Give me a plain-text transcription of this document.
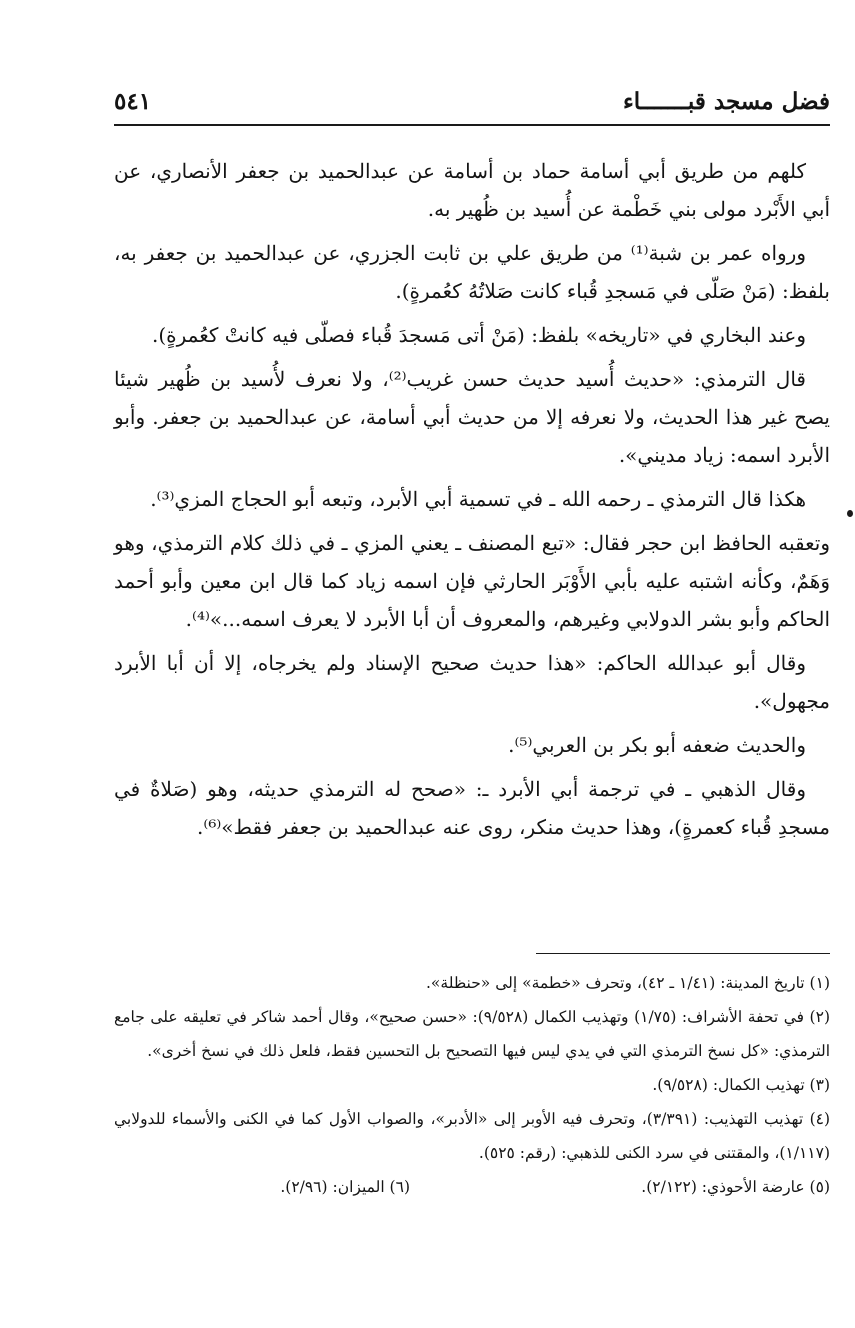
فضل مسجد قبـــــــاء
٥٤١

كلهم من طريق أبي أسامة حماد بن أسامة عن عبدالحميد بن جعفر الأنصاري، عن أبي الأَبْرد مولى بني خَطْمة عن أُسيد بن ظُهير به.

ورواه عمر بن شبة⁽¹⁾ من طريق علي بن ثابت الجزري، عن عبدالحميد بن جعفر به، بلفظ: (مَنْ صَلّى في مَسجدِ قُباء كانت صَلاتُهُ كعُمرةٍ).

وعند البخاري في «تاريخه» بلفظ: (مَنْ أتى مَسجدَ قُباء فصلّى فيه كانتْ كعُمرةٍ).

قال الترمذي: «حديث أُسيد حديث حسن غريب⁽²⁾، ولا نعرف لأُسيد بن ظُهير شيئا يصح غير هذا الحديث، ولا نعرفه إلا من حديث أبي أسامة، عن عبدالحميد بن جعفر. وأبو الأبرد اسمه: زياد مديني».

هكذا قال الترمذي ـ رحمه الله ـ في تسمية أبي الأبرد، وتبعه أبو الحجاج المزي⁽³⁾.

وتعقبه الحافظ ابن حجر فقال: «تبع المصنف ـ يعني المزي ـ في ذلك كلام الترمذي، وهو وَهَمٌ، وكأنه اشتبه عليه بأبي الأَوْبَر الحارثي فإن اسمه زياد كما قال ابن معين وأبو أحمد الحاكم وأبو بشر الدولابي وغيرهم، والمعروف أن أبا الأبرد لا يعرف اسمه...»⁽⁴⁾.

وقال أبو عبدالله الحاكم: «هذا حديث صحيح الإسناد ولم يخرجاه، إلا أن أبا الأبرد مجهول».

والحديث ضعفه أبو بكر بن العربي⁽⁵⁾.

وقال الذهبي ـ في ترجمة أبي الأبرد ـ: «صحح له الترمذي حديثه، وهو (صَلاةٌ في مسجدِ قُباء كعمرةٍ)، وهذا حديث منكر، روى عنه عبدالحميد بن جعفر فقط»⁽⁶⁾.

(١) تاريخ المدينة: (١/٤١ ـ ٤٢)، وتحرف «خطمة» إلى «حنظلة».

(٢) في تحفة الأشراف: (١/٧٥) وتهذيب الكمال (٩/٥٢٨): «حسن صحيح»، وقال أحمد شاكر في تعليقه على جامع الترمذي: «كل نسخ الترمذي التي في يدي ليس فيها التصحيح بل التحسين فقط، فلعل ذلك في نسخ أخرى».

(٣) تهذيب الكمال: (٩/٥٢٨).

(٤) تهذيب التهذيب: (٣/٣٩١)، وتحرف فيه الأوبر إلى «الأدبر»، والصواب الأول كما في الكنى والأسماء للدولابي (١/١١٧)، والمقتنى في سرد الكنى للذهبي: (رقم: ٥٢٥).

(٥) عارضة الأحوذي: (٢/١٢٢).
(٦) الميزان: (٢/٩٦).
